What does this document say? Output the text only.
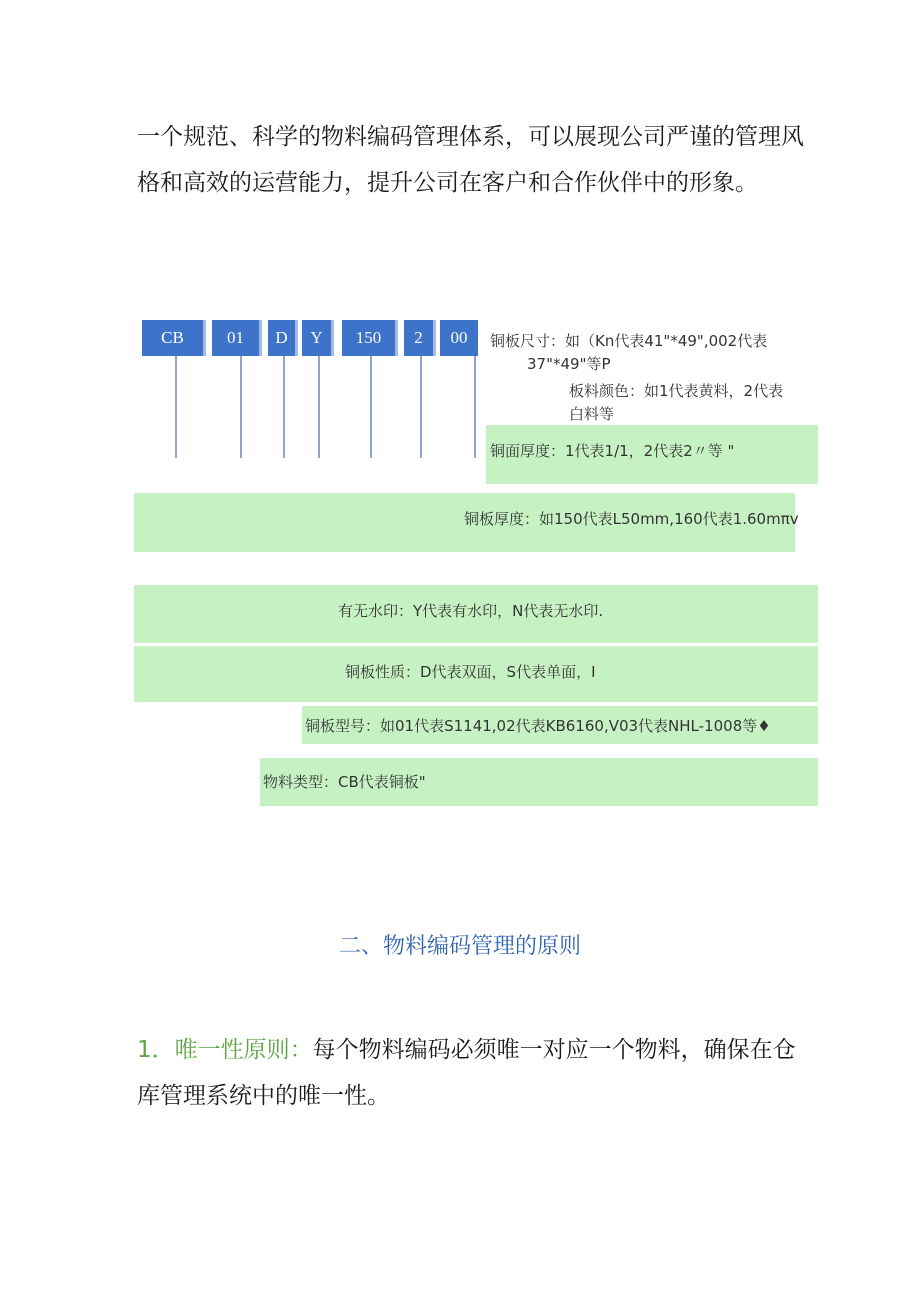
一个规范、科学的物料编码管理体系，可以展现公司严谨的管理风
格和高效的运营能力，提升公司在客户和合作伙伴中的形象。

CB	01	D	Y	150	2	00	铜板尺寸：如（Kn代表41"*49",002代表
37"*49"等P
板料颜色：如1代表黄料，2代表
白料等
铜面厚度：1代表1/1，2代表2〃等 "
铜板厚度：如150代表L50mm,160代表1.60mπv
有无水印：Y代表有水印，N代表无水印.
铜板性质：D代表双面，S代表单面，I
铜板型号：如01代表S1141,02代表KB6160,V03代表NHL-1008等♦
物料类型：CB代表铜板"
二、物料编码管理的原则

1．唯一性原则：每个物料编码必须唯一对应一个物料，确保在仓
库管理系统中的唯一性。
